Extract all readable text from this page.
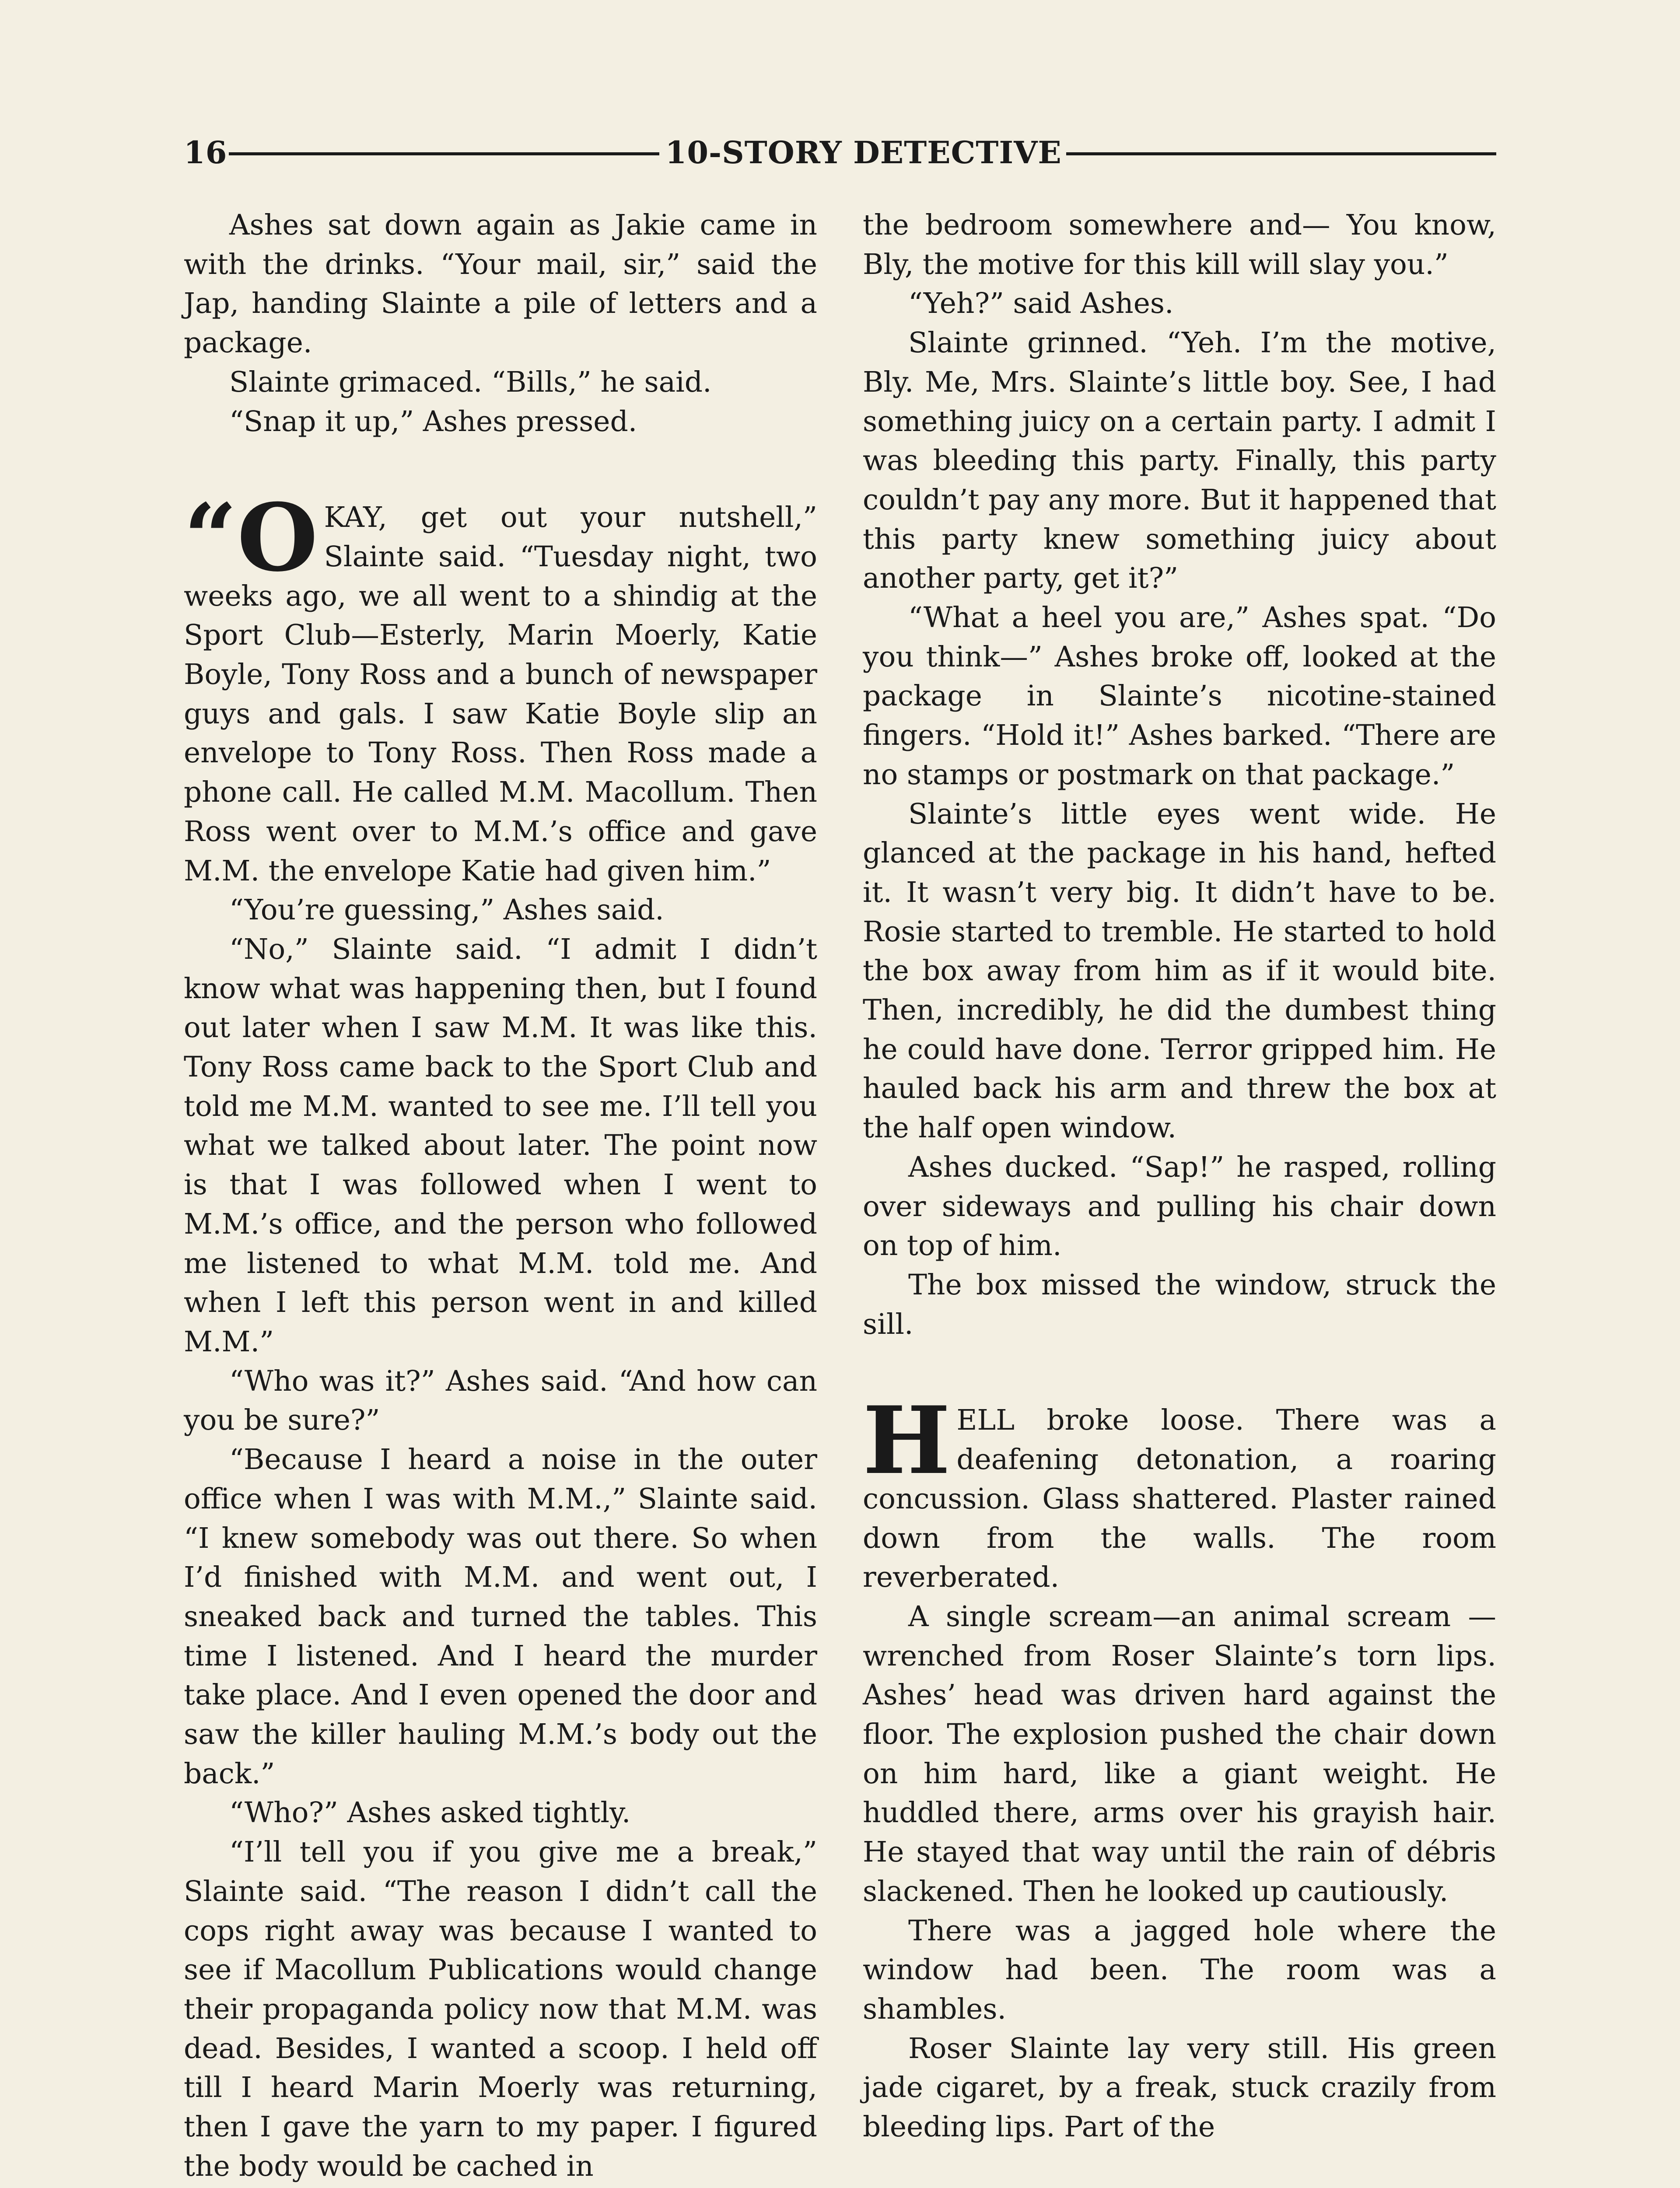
16	10-STORY DETECTIVE

Ashes sat down again as Jakie came in with the drinks. “Your mail, sir,” said the Jap, handing Slainte a pile of letters and a package.

Slainte grimaced. “Bills,” he said.

“Snap it up,” Ashes pressed.

“O KAY, get out your nutshell,” Slainte said. “Tuesday night, two weeks ago, we all went to a shindig at the Sport Club—Esterly, Marin Moerly, Katie Boyle, Tony Ross and a bunch of newspaper guys and gals. I saw Katie Boyle slip an envelope to Tony Ross. Then Ross made a phone call. He called M.M. Macollum. Then Ross went over to M.M.’s office and gave M.M. the envelope Katie had given him.”

“You’re guessing,” Ashes said.

“No,” Slainte said. “I admit I didn’t know what was happening then, but I found out later when I saw M.M. It was like this. Tony Ross came back to the Sport Club and told me M.M. wanted to see me. I’ll tell you what we talked about later. The point now is that I was followed when I went to M.M.’s office, and the person who followed me listened to what M.M. told me. And when I left this person went in and killed M.M.”

“Who was it?” Ashes said. “And how can you be sure?”

“Because I heard a noise in the outer office when I was with M.M.,” Slainte said. “I knew somebody was out there. So when I’d finished with M.M. and went out, I sneaked back and turned the tables. This time I listened. And I heard the murder take place. And I even opened the door and saw the killer hauling M.M.’s body out the back.”

“Who?” Ashes asked tightly.

“I’ll tell you if you give me a break,” Slainte said. “The reason I didn’t call the cops right away was because I wanted to see if Macollum Publications would change their propaganda policy now that M.M. was dead. Besides, I wanted a scoop. I held off till I heard Marin Moerly was returning, then I gave the yarn to my paper. I figured the body would be cached in

the bedroom somewhere and— You know, Bly, the motive for this kill will slay you.”

“Yeh?” said Ashes.

Slainte grinned. “Yeh. I’m the motive, Bly. Me, Mrs. Slainte’s little boy. See, I had something juicy on a certain party. I admit I was bleeding this party. Finally, this party couldn’t pay any more. But it happened that this party knew something juicy about another party, get it?”

“What a heel you are,” Ashes spat. “Do you think—” Ashes broke off, looked at the package in Slainte’s nicotine-stained fingers. “Hold it!” Ashes barked. “There are no stamps or postmark on that package.”

Slainte’s little eyes went wide. He glanced at the package in his hand, hefted it. It wasn’t very big. It didn’t have to be. Rosie started to tremble. He started to hold the box away from him as if it would bite. Then, incredibly, he did the dumbest thing he could have done. Terror gripped him. He hauled back his arm and threw the box at the half open window.

Ashes ducked. “Sap!” he rasped, rolling over sideways and pulling his chair down on top of him.

The box missed the window, struck the sill.

HELL broke loose. There was a deafening detonation, a roaring concussion. Glass shattered. Plaster rained down from the walls. The room reverberated.

A single scream—an animal scream —wrenched from Roser Slainte’s torn lips. Ashes’ head was driven hard against the floor. The explosion pushed the chair down on him hard, like a giant weight. He huddled there, arms over his grayish hair. He stayed that way until the rain of débris slackened. Then he looked up cautiously.

There was a jagged hole where the window had been. The room was a shambles.

Roser Slainte lay very still. His green jade cigaret, by a freak, stuck crazily from bleeding lips. Part of the
